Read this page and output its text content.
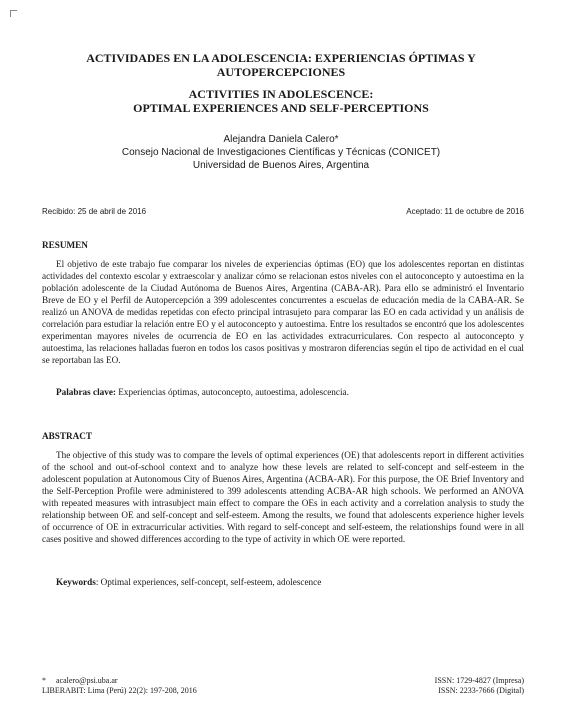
ACTIVIDADES EN LA ADOLESCENCIA: EXPERIENCIAS ÓPTIMAS Y
AUTOPERCEPCIONES
ACTIVITIES IN ADOLESCENCE:
OPTIMAL EXPERIENCES AND SELF-PERCEPTIONS
Alejandra Daniela Calero*
Consejo Nacional de Investigaciones Científicas y Técnicas (CONICET)
Universidad de Buenos Aires, Argentina
Recibido: 25 de abril de 2016	Aceptado: 11 de octubre de 2016
RESUMEN

El objetivo de este trabajo fue comparar los niveles de experiencias óptimas (EO) que los adolescentes reportan en distintas actividades del contexto escolar y extraescolar y analizar cómo se relacionan estos niveles con el autoconcepto y autoestima en la población adolescente de la Ciudad Autónoma de Buenos Aires, Argentina (CABA-AR). Para ello se administró el Inventario Breve de EO y el Perfil de Autopercepción a 399 adolescentes concurrentes a escuelas de educación media de la CABA-AR. Se realizó un ANOVA de medidas repetidas con efecto principal intrasujeto para comparar las EO en cada actividad y un análisis de correlación para estudiar la relación entre EO y el autoconcepto y autoestima. Entre los resultados se encontró que los adolescentes experimentan mayores niveles de ocurrencia de EO en las actividades extracurriculares. Con respecto al autoconcepto y autoestima, las relaciones halladas fueron en todos los casos positivas y mostraron diferencias según el tipo de actividad en el cual se reportaban las EO.

Palabras clave: Experiencias óptimas, autoconcepto, autoestima, adolescencia.
ABSTRACT

The objective of this study was to compare the levels of optimal experiences (OE) that adolescents report in different activities of the school and out-of-school context and to analyze how these levels are related to self-concept and self-esteem in the adolescent population at Autonomous City of Buenos Aires, Argentina (ACBA-AR). For this purpose, the OE Brief Inventory and the Self-Perception Profile were administered to 399 adolescents attending ACBA-AR high schools. We performed an ANOVA with repeated measures with intrasubject main effect to compare the OEs in each activity and a correlation analysis to study the relationship between OE and self-concept and self-esteem. Among the results, we found that adolescents experience higher levels of occurrence of OE in extracurricular activities. With regard to self-concept and self-esteem, the relationships found were in all cases positive and showed differences according to the type of activity in which OE were reported.

Keywords: Optimal experiences, self-concept, self-esteem, adolescence
* acalero@psi.uba.ar
LIBERABIT: Lima (Perú) 22(2): 197-208, 2016
ISSN: 1729-4827 (Impresa)
ISSN: 2233-7666 (Digital)
